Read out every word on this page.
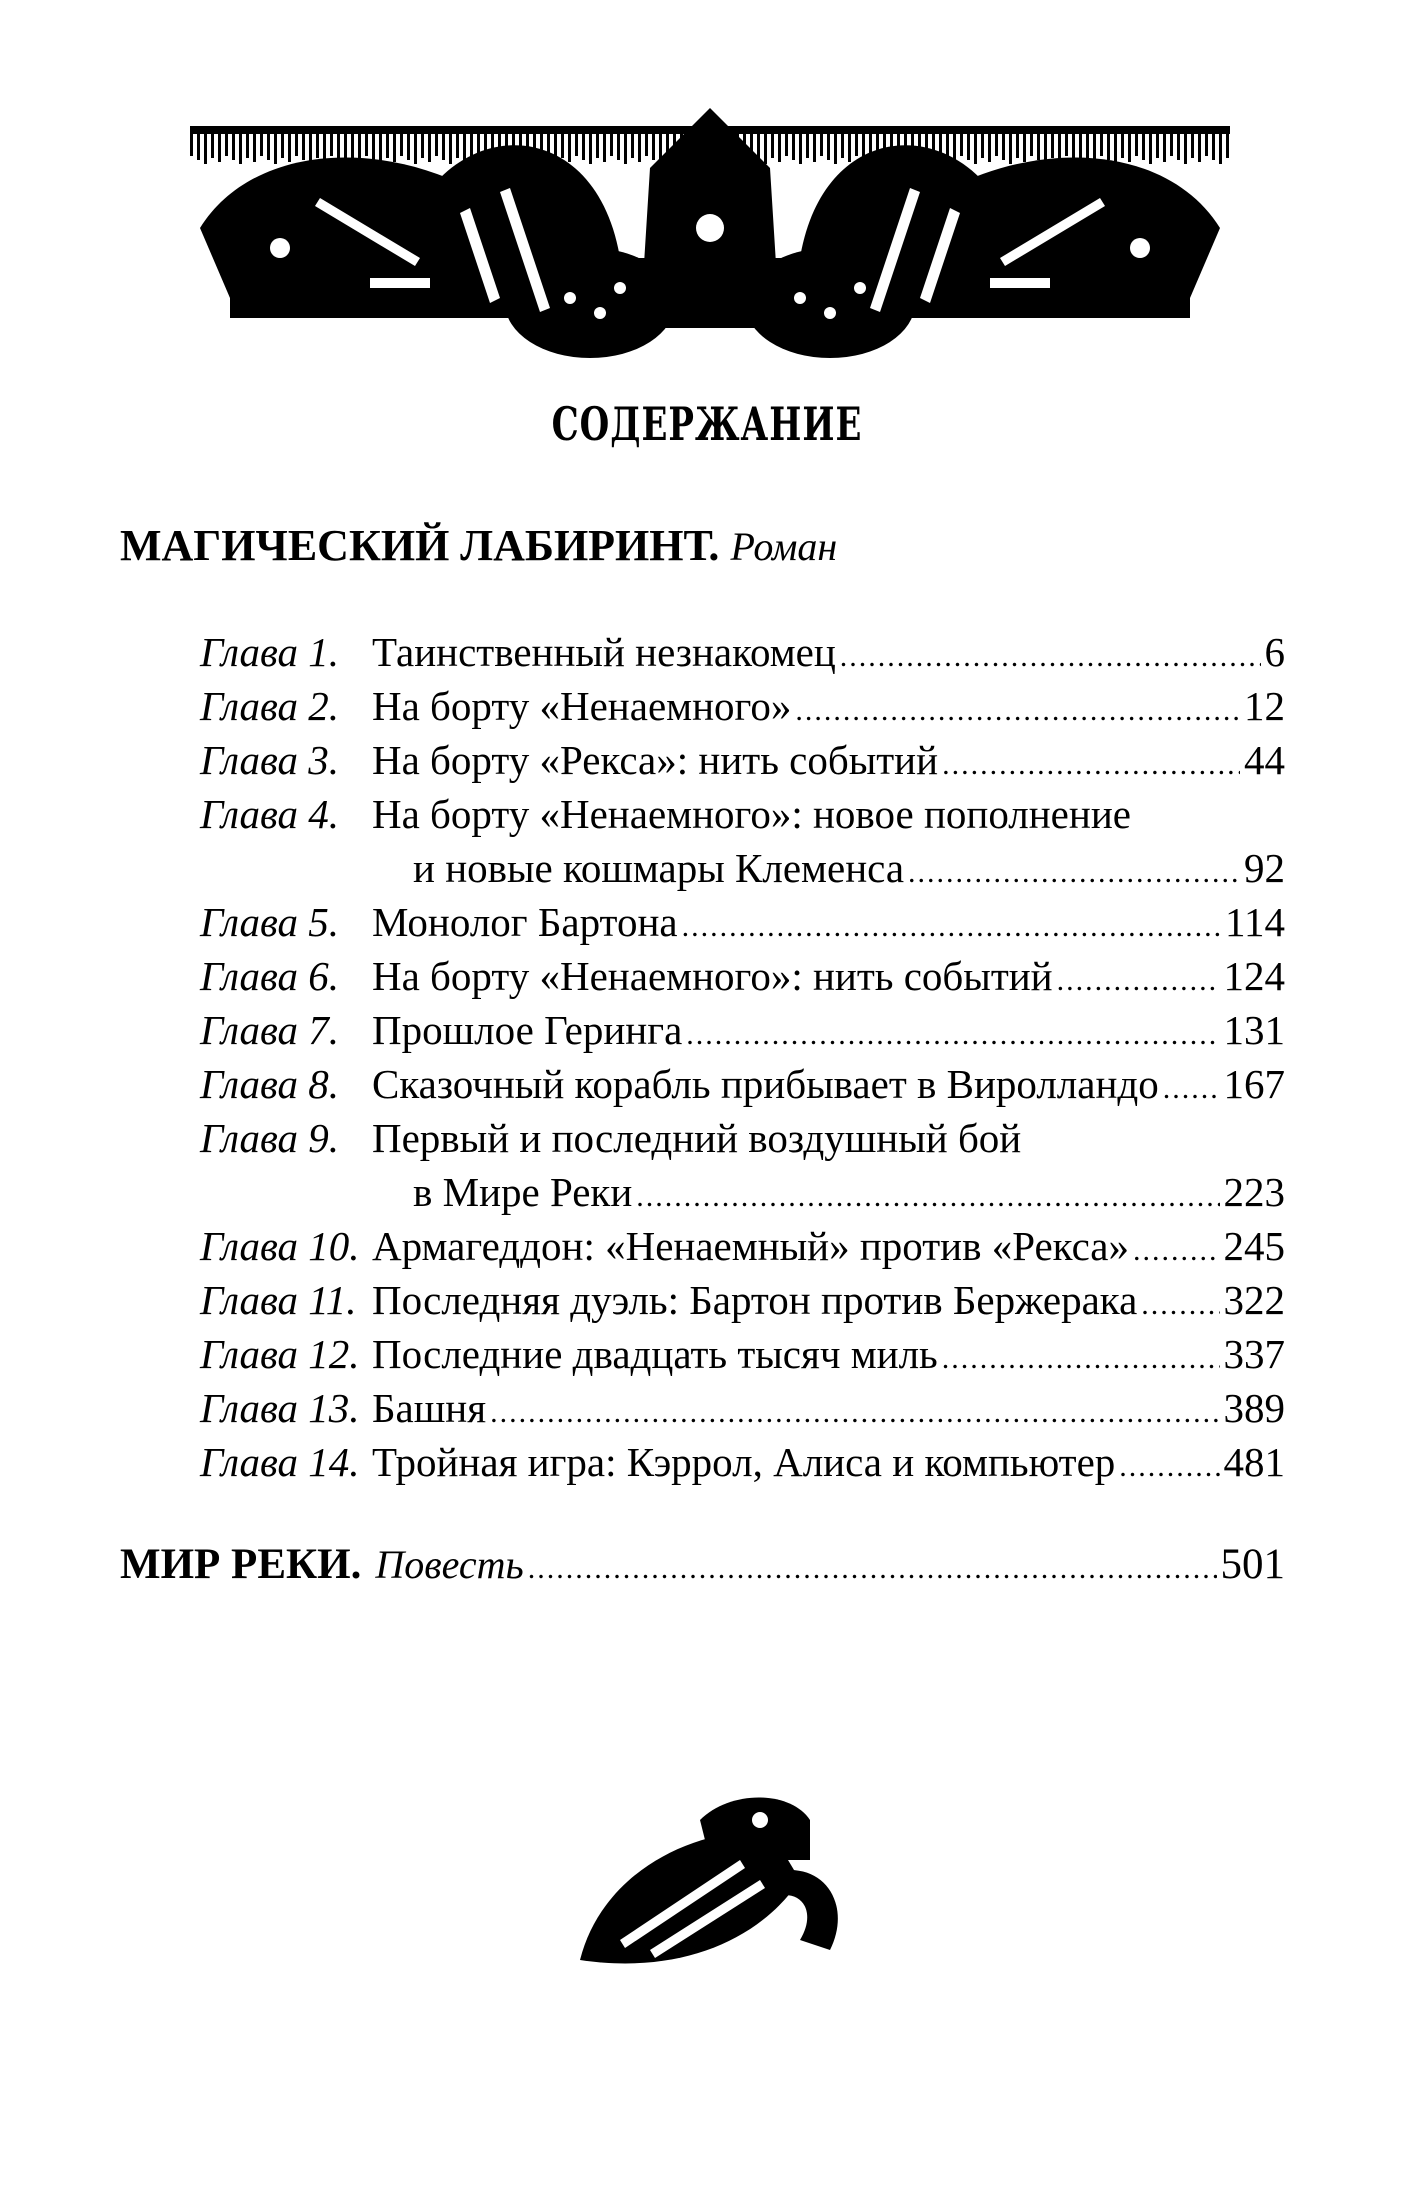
СОДЕРЖАНИЕ
МАГИЧЕСКИЙ ЛАБИРИНТ. Роман
Глава 1. Таинственный незнакомец .....	6
Глава 2. На борту «Ненаемного» .....	12
Глава 3. На борту «Рекса»: нить событий .....	44
Глава 4. На борту «Ненаемного»: новое пополнение
и новые кошмары Клеменса .....	92
Глава 5. Монолог Бартона .....	114
Глава 6. На борту «Ненаемного»: нить событий .....	124
Глава 7. Прошлое Геринга .....	131
Глава 8. Сказочный корабль прибывает в Виролландо ..... 167
Глава 9. Первый и последний воздушный бой
в Мире Реки .....	223
Глава 10. Армагеддон: «Ненаемный» против «Рекса» ..... 245
Глава 11. Последняя дуэль: Бартон против Бержерака ..... 322
Глава 12. Последние двадцать тысяч миль .....	337
Глава 13. Башня .....	389
Глава 14. Тройная игра: Кэррол, Алиса и компьютер .....	481
МИР РЕКИ. Повесть .....	501
